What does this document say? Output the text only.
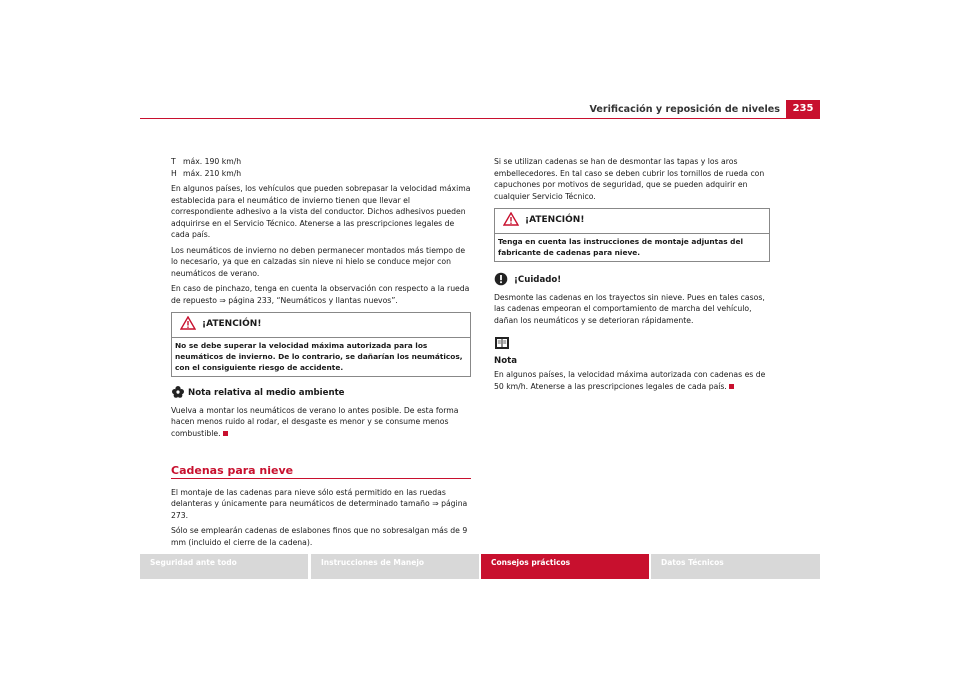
Verificación y reposición de niveles	235
T máx. 190 km/h
H máx. 210 km/h

En algunos países, los vehículos que pueden sobrepasar la velocidad máxima establecida para el neumático de invierno tienen que llevar el correspondiente adhesivo a la vista del conductor. Dichos adhesivos pueden adquirirse en el Servicio Técnico. Atenerse a las prescripciones legales de cada país.

Los neumáticos de invierno no deben permanecer montados más tiempo de lo necesario, ya que en calzadas sin nieve ni hielo se conduce mejor con neumáticos de verano.

En caso de pinchazo, tenga en cuenta la observación con respecto a la rueda de repuesto ⇒ página 233, “Neumáticos y llantas nuevos”.

¡ATENCIÓN!
No se debe superar la velocidad máxima autorizada para los neumáticos de invierno. De lo contrario, se dañarían los neumáticos, con el consiguiente riesgo de accidente.
Nota relativa al medio ambiente

Vuelva a montar los neumáticos de verano lo antes posible. De esta forma hacen menos ruido al rodar, el desgaste es menor y se consume menos combustible.

Cadenas para nieve

El montaje de las cadenas para nieve sólo está permitido en las ruedas delanteras y únicamente para neumáticos de determinado tamaño ⇒ página 273.

Sólo se emplearán cadenas de eslabones finos que no sobresalgan más de 9 mm (incluido el cierre de la cadena).

Si se utilizan cadenas se han de desmontar las tapas y los aros embellecedores. En tal caso se deben cubrir los tornillos de rueda con capuchones por motivos de seguridad, que se pueden adquirir en cualquier Servicio Técnico.

¡ATENCIÓN!
Tenga en cuenta las instrucciones de montaje adjuntas del fabricante de cadenas para nieve.
¡Cuidado!

Desmonte las cadenas en los trayectos sin nieve. Pues en tales casos, las cadenas empeoran el comportamiento de marcha del vehículo, dañan los neumáticos y se deterioran rápidamente.

Nota

En algunos países, la velocidad máxima autorizada con cadenas es de 50 km/h. Atenerse a las prescripciones legales de cada país.

Seguridad ante todo	Instrucciones de Manejo	Consejos prácticos	Datos Técnicos
